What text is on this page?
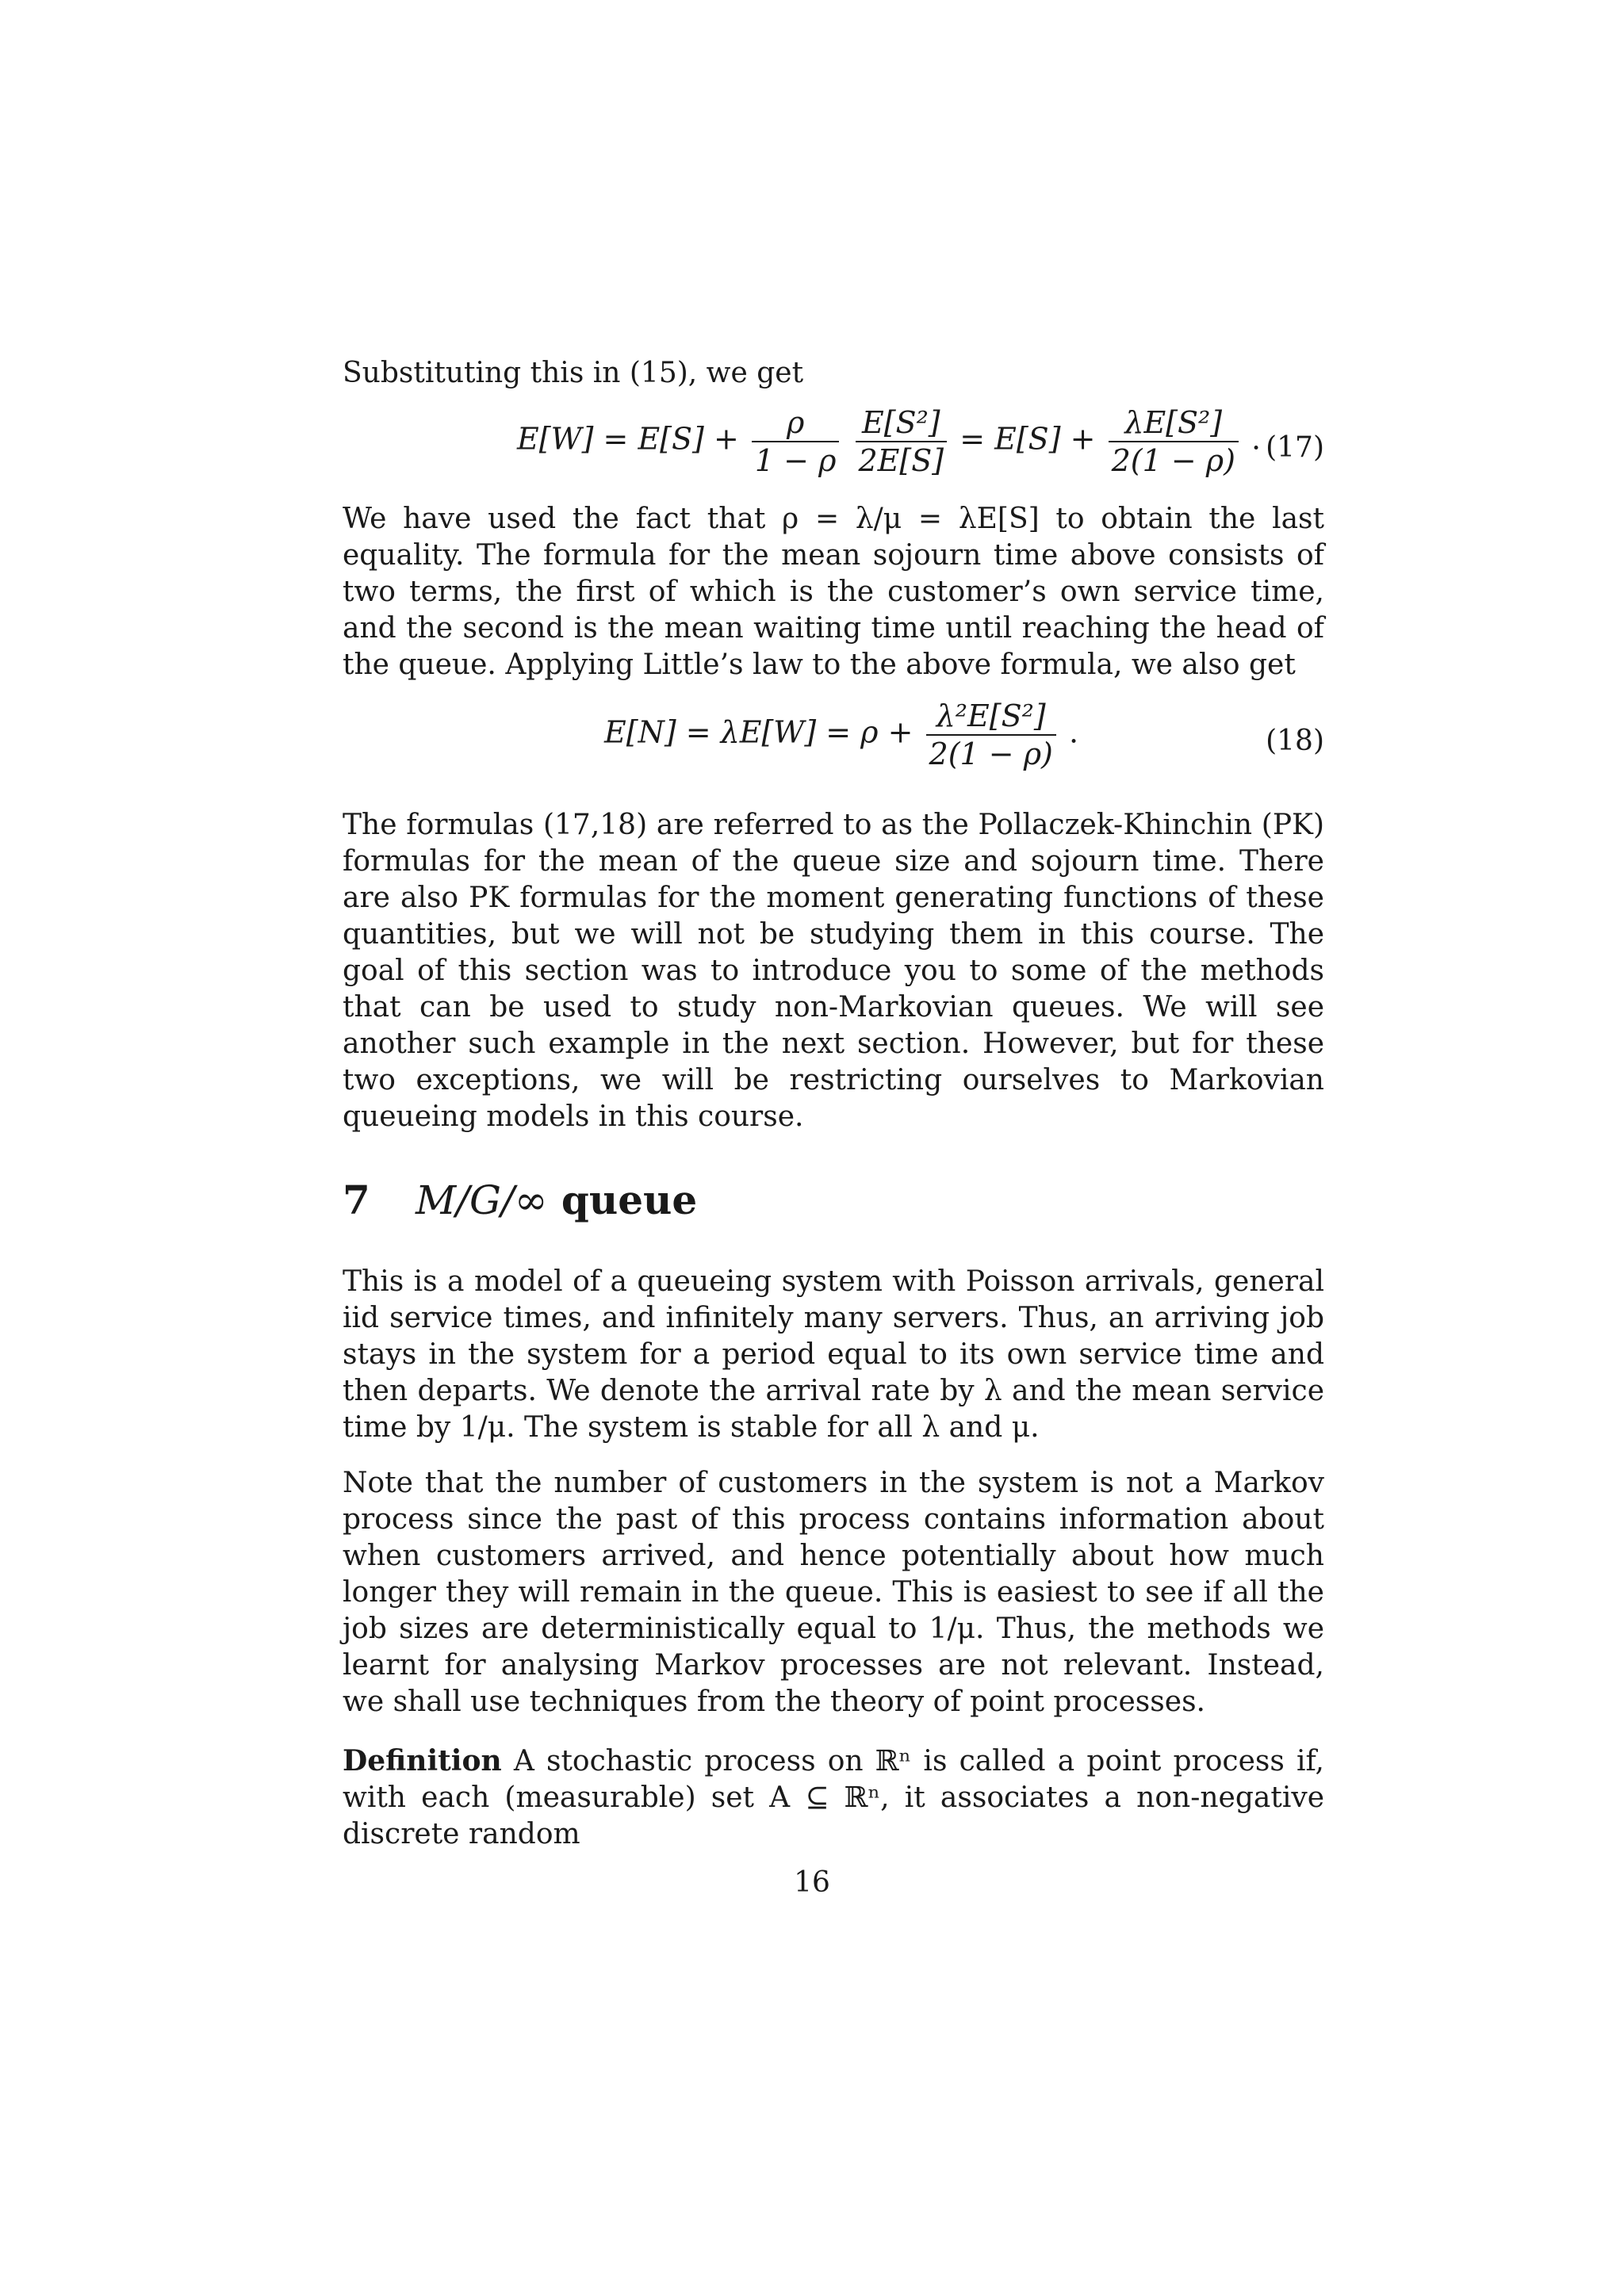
Substituting this in (15), we get

$E[W] = E[S] + \frac{\rho}{1 - \rho}$
$\frac{\text{E[S²]}}{2E[S]} = E[S] + \frac{\text{λE[S²]}}{2(1 - \rho)}$ . (17)

We have used the fact that ρ = λ/μ = λE[S] to obtain the last equality. The formula for the mean sojourn time above consists of two terms, the first of which is the customer’s own service time, and the second is the mean waiting time until reaching the head of the queue. Applying Little’s law to the above formula, we also get

$E[N] = \lambda E[W] = \rho + \frac{\text{λ²E[S²]}}{2(1 - \rho)}$ .	(18)

The formulas (17,18) are referred to as the Pollaczek-Khinchin (PK) formulas for the mean of the queue size and sojourn time. There are also PK formulas for the moment generating functions of these quantities, but we will not be studying them in this course. The goal of this section was to introduce you to some of the methods that can be used to study non-Markovian queues. We will see another such example in the next section. However, but for these two exceptions, we will be restricting ourselves to Markovian queueing models in this course.

7 M/G/∞ queue

This is a model of a queueing system with Poisson arrivals, general iid service times, and infinitely many servers. Thus, an arriving job stays in the system for a period equal to its own service time and then departs. We denote the arrival rate by λ and the mean service time by 1/μ. The system is stable for all λ and μ.

Note that the number of customers in the system is not a Markov process since the past of this process contains information about when customers arrived, and hence potentially about how much longer they will remain in the queue. This is easiest to see if all the job sizes are deterministically equal to 1/μ. Thus, the methods we learnt for analysing Markov processes are not relevant. Instead, we shall use techniques from the theory of point processes.

Definition A stochastic process on ℝⁿ is called a point process if, with each (measurable) set A ⊆ ℝⁿ, it associates a non-negative discrete random

16
